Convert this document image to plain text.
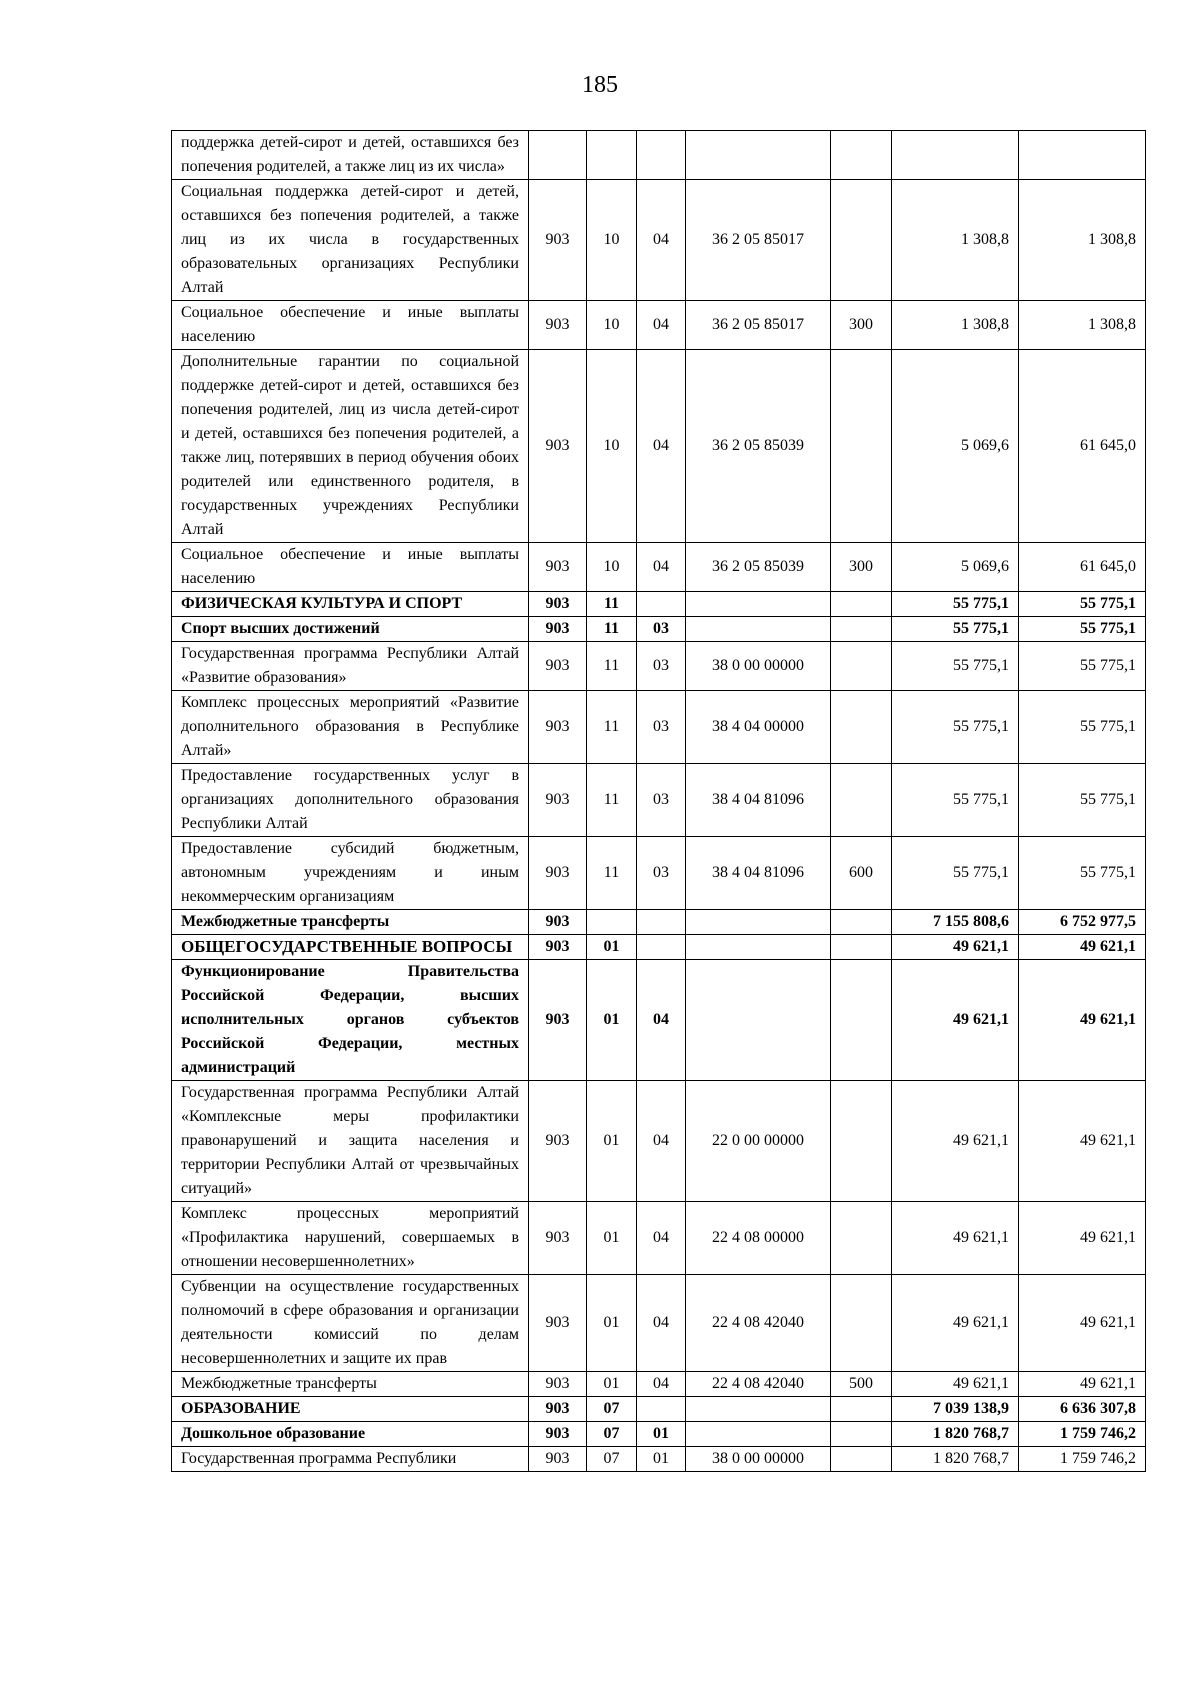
185
поддержка детей-сирот и детей, оставшихся без попечения родителей, а также лиц из их числа»							
Социальная поддержка детей-сирот и детей, оставшихся без попечения родителей, а также лиц из их числа в государственных образовательных организациях Республики Алтай	903	10	04	36 2 05 85017		1 308,8	1 308,8
Социальное обеспечение и иные выплаты населению	903	10	04	36 2 05 85017	300	1 308,8	1 308,8
Дополнительные гарантии по социальной поддержке детей-сирот и детей, оставшихся без попечения родителей, лиц из числа детей-сирот и детей, оставшихся без попечения родителей, а также лиц, потерявших в период обучения обоих родителей или единственного родителя, в государственных учреждениях Республики Алтай	903	10	04	36 2 05 85039		5 069,6	61 645,0
Социальное обеспечение и иные выплаты населению	903	10	04	36 2 05 85039	300	5 069,6	61 645,0
ФИЗИЧЕСКАЯ КУЛЬТУРА И СПОРТ	903	11				55 775,1	55 775,1
Спорт высших достижений	903	11	03			55 775,1	55 775,1
Государственная программа Республики Алтай «Развитие образования»	903	11	03	38 0 00 00000		55 775,1	55 775,1
Комплекс процессных мероприятий «Развитие дополнительного образования в Республике Алтай»	903	11	03	38 4 04 00000		55 775,1	55 775,1
Предоставление государственных услуг в организациях дополнительного образования Республики Алтай	903	11	03	38 4 04 81096		55 775,1	55 775,1
Предоставление субсидий бюджетным, автономным учреждениям и иным некоммерческим организациям	903	11	03	38 4 04 81096	600	55 775,1	55 775,1
Межбюджетные трансферты	903					7 155 808,6	6 752 977,5
ОБЩЕГОСУДАРСТВЕННЫЕ ВОПРОСЫ	903	01				49 621,1	49 621,1
Функционирование Правительства Российской Федерации, высших исполнительных органов субъектов Российской Федерации, местных администраций	903	01	04			49 621,1	49 621,1
Государственная программа Республики Алтай «Комплексные меры профилактики правонарушений и защита населения и территории Республики Алтай от чрезвычайных ситуаций»	903	01	04	22 0 00 00000		49 621,1	49 621,1
Комплекс процессных мероприятий «Профилактика нарушений, совершаемых в отношении несовершеннолетних»	903	01	04	22 4 08 00000		49 621,1	49 621,1
Субвенции на осуществление государственных полномочий в сфере образования и организации деятельности комиссий по делам несовершеннолетних и защите их прав	903	01	04	22 4 08 42040		49 621,1	49 621,1
Межбюджетные трансферты	903	01	04	22 4 08 42040	500	49 621,1	49 621,1
ОБРАЗОВАНИЕ	903	07				7 039 138,9	6 636 307,8
Дошкольное образование	903	07	01			1 820 768,7	1 759 746,2
Государственная программа Республики	903	07	01	38 0 00 00000		1 820 768,7	1 759 746,2
